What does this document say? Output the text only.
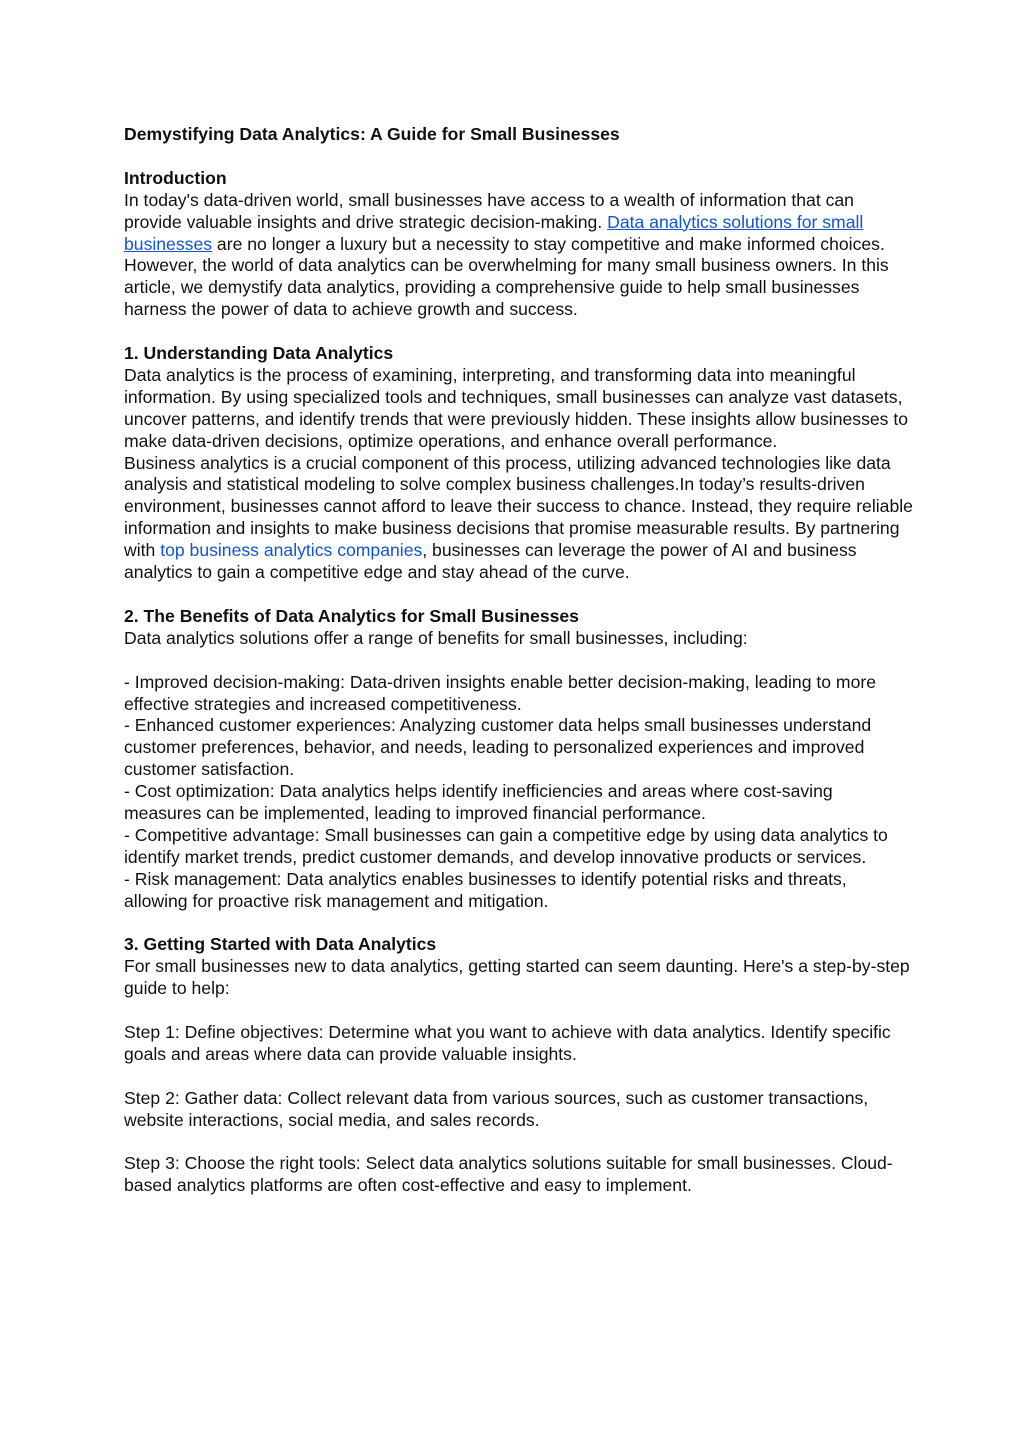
Demystifying Data Analytics: A Guide for Small Businesses

Introduction

In today's data-driven world, small businesses have access to a wealth of information that can provide valuable insights and drive strategic decision-making. Data analytics solutions for small businesses are no longer a luxury but a necessity to stay competitive and make informed choices. However, the world of data analytics can be overwhelming for many small business owners. In this article, we demystify data analytics, providing a comprehensive guide to help small businesses harness the power of data to achieve growth and success.

1. Understanding Data Analytics

Data analytics is the process of examining, interpreting, and transforming data into meaningful information. By using specialized tools and techniques, small businesses can analyze vast datasets, uncover patterns, and identify trends that were previously hidden. These insights allow businesses to make data-driven decisions, optimize operations, and enhance overall performance.

Business analytics is a crucial component of this process, utilizing advanced technologies like data analysis and statistical modeling to solve complex business challenges.In today’s results-driven environment, businesses cannot afford to leave their success to chance. Instead, they require reliable information and insights to make business decisions that promise measurable results. By partnering with top business analytics companies, businesses can leverage the power of AI and business analytics to gain a competitive edge and stay ahead of the curve.

2. The Benefits of Data Analytics for Small Businesses

Data analytics solutions offer a range of benefits for small businesses, including:

- Improved decision-making: Data-driven insights enable better decision-making, leading to more effective strategies and increased competitiveness.

- Enhanced customer experiences: Analyzing customer data helps small businesses understand customer preferences, behavior, and needs, leading to personalized experiences and improved customer satisfaction.

- Cost optimization: Data analytics helps identify inefficiencies and areas where cost-saving measures can be implemented, leading to improved financial performance.

- Competitive advantage: Small businesses can gain a competitive edge by using data analytics to identify market trends, predict customer demands, and develop innovative products or services.

- Risk management: Data analytics enables businesses to identify potential risks and threats, allowing for proactive risk management and mitigation.

3. Getting Started with Data Analytics

For small businesses new to data analytics, getting started can seem daunting. Here's a step-by-step guide to help:

Step 1: Define objectives: Determine what you want to achieve with data analytics. Identify specific goals and areas where data can provide valuable insights.

Step 2: Gather data: Collect relevant data from various sources, such as customer transactions, website interactions, social media, and sales records.

Step 3: Choose the right tools: Select data analytics solutions suitable for small businesses. Cloud-based analytics platforms are often cost-effective and easy to implement.
